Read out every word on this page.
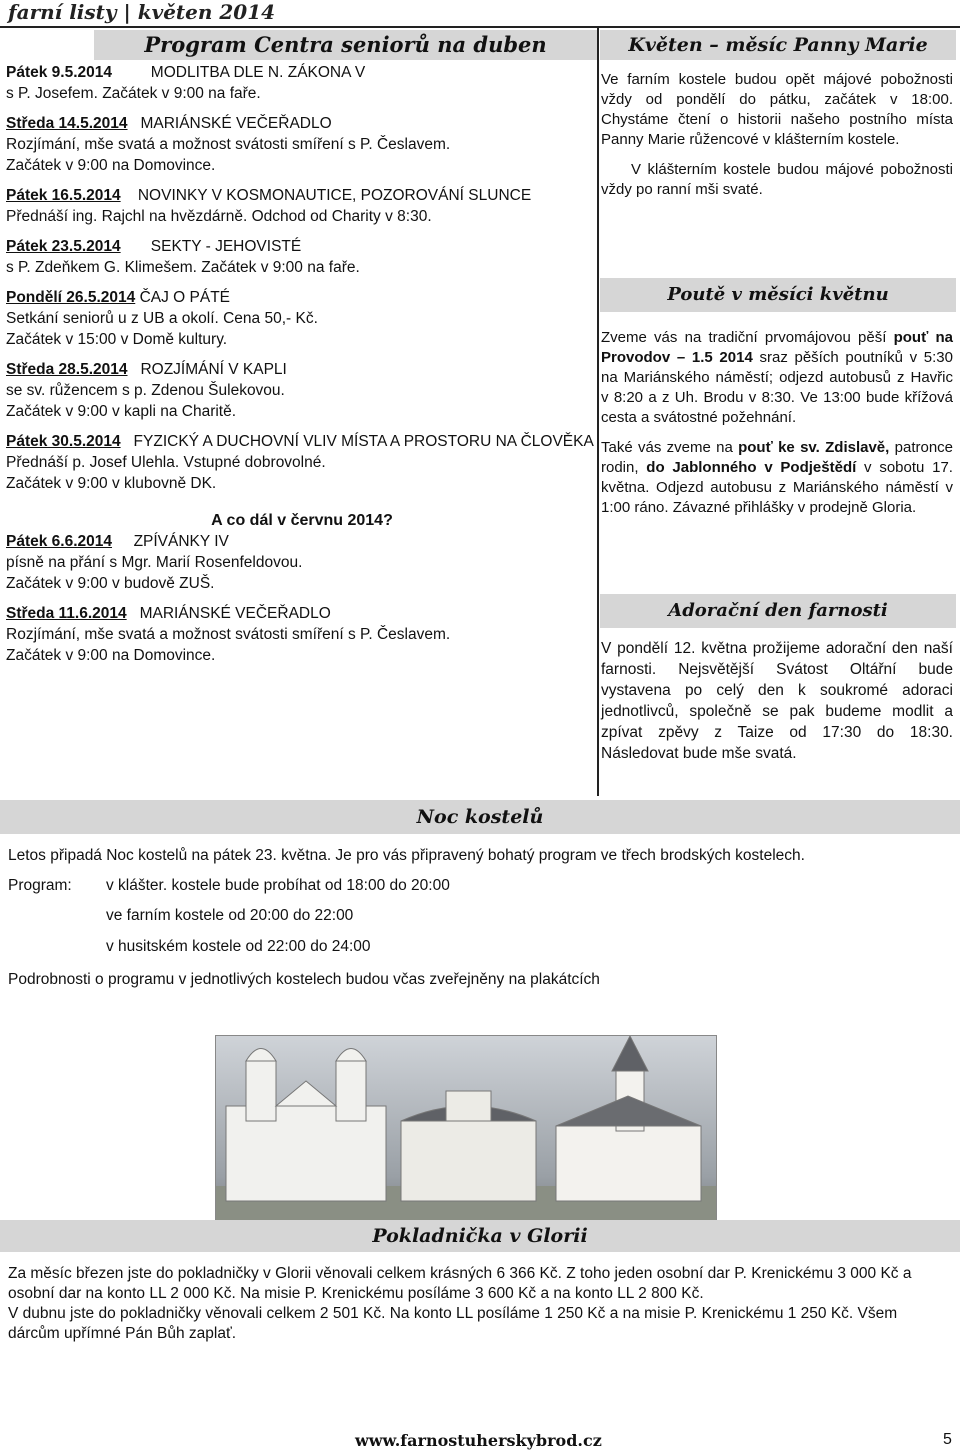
farní listy | květen 2014
Program Centra seniorů na duben

Pátek 9.5.2014	MODLITBA DLE N. ZÁKONA V

s P. Josefem. Začátek v 9:00 na faře.

Středa 14.5.2014 MARIÁNSKÉ VEČEŘADLO

Rozjímání, mše svatá a možnost svátosti smíření s P. Česlavem.

Začátek v 9:00 na Domovince.

Pátek 16.5.2014 NOVINKY V KOSMONAUTICE, POZOROVÁNÍ SLUNCE

Přednáší ing. Rajchl na hvězdárně. Odchod od Charity v 8:30.

Pátek 23.5.2014 SEKTY - JEHOVISTÉ

s P. Zdeňkem G. Klimešem. Začátek v 9:00 na faře.

Pondělí 26.5.2014 ČAJ O PÁTÉ

Setkání seniorů u z UB a okolí. Cena 50,- Kč.

Začátek v 15:00 v Domě kultury.

Středa 28.5.2014 ROZJÍMÁNÍ V KAPLI

se sv. růžencem s p. Zdenou Šulekovou.

Začátek v 9:00 v kapli na Charitě.

Pátek 30.5.2014 FYZICKÝ A DUCHOVNÍ VLIV MÍSTA A PROSTORU NA ČLOVĚKA

Přednáší p. Josef Ulehla. Vstupné dobrovolné.

Začátek v 9:00 v klubovně DK.

A co dál v červnu 2014?

Pátek 6.6.2014 ZPÍVÁNKY IV

písně na přání s Mgr. Marií Rosenfeldovou.

Začátek v 9:00 v budově ZUŠ.

Středa 11.6.2014 MARIÁNSKÉ VEČEŘADLO

Rozjímání, mše svatá a možnost svátosti smíření s P. Česlavem.

Začátek v 9:00 na Domovince.

Květen – měsíc Panny Marie

Ve farním kostele budou opět májové pobožnosti vždy od pondělí do pátku, začátek v 18:00. Chystáme čtení o historii našeho postního místa Panny Marie růžencové v klášterním kostele.

V klášterním kostele budou májové pobožnosti vždy po ranní mši svaté.

Poutě v měsíci květnu

Zveme vás na tradiční prvomájovou pěší pouť na Provodov – 1.5 2014 sraz pěších poutníků v 5:30 na Mariánského náměstí; odjezd autobusů z Havřic v 8:20 a z Uh. Brodu v 8:30. Ve 13:00 bude křížová cesta a svátostné požehnání.

Také vás zveme na pouť ke sv. Zdislavě, patronce rodin, do Jablonného v Podještědí v sobotu 17. května. Odjezd autobusu z Mariánského náměstí v 1:00 ráno. Závazné přihlášky v prodejně Gloria.

Adorační den farnosti

V pondělí 12. května prožijeme adorační den naší farnosti. Nejsvětější Svátost Oltářní bude vystavena po celý den k soukromé adoraci jednotlivců, společně se pak budeme modlit a zpívat zpěvy z Taize od 17:30 do 18:30. Následovat bude mše svatá.

Noc kostelů

Letos připadá Noc kostelů na pátek 23. května. Je pro vás připravený bohatý program ve třech brodských kostelech.

Program: v klášter. kostele bude probíhat od 18:00 do 20:00
ve farním kostele od 20:00 do 22:00
v husitském kostele od 22:00 do 24:00

Podrobnosti o programu v jednotlivých kostelech budou včas zveřejněny na plakátcích

Pokladnička v Glorii

Za měsíc březen jste do pokladničky v Glorii věnovali celkem krásných 6 366 Kč. Z toho jeden osobní dar P. Krenickému 3 000 Kč a osobní dar na konto LL 2 000 Kč. Na misie P. Krenickému posíláme 3 600 Kč a na konto LL 2 800 Kč.

V dubnu jste do pokladničky věnovali celkem 2 501 Kč. Na konto LL posíláme 1 250 Kč a na misie P. Krenickému 1 250 Kč. Všem dárcům upřímné Pán Bůh zaplať.

www.farnostuherskybrod.cz	5
